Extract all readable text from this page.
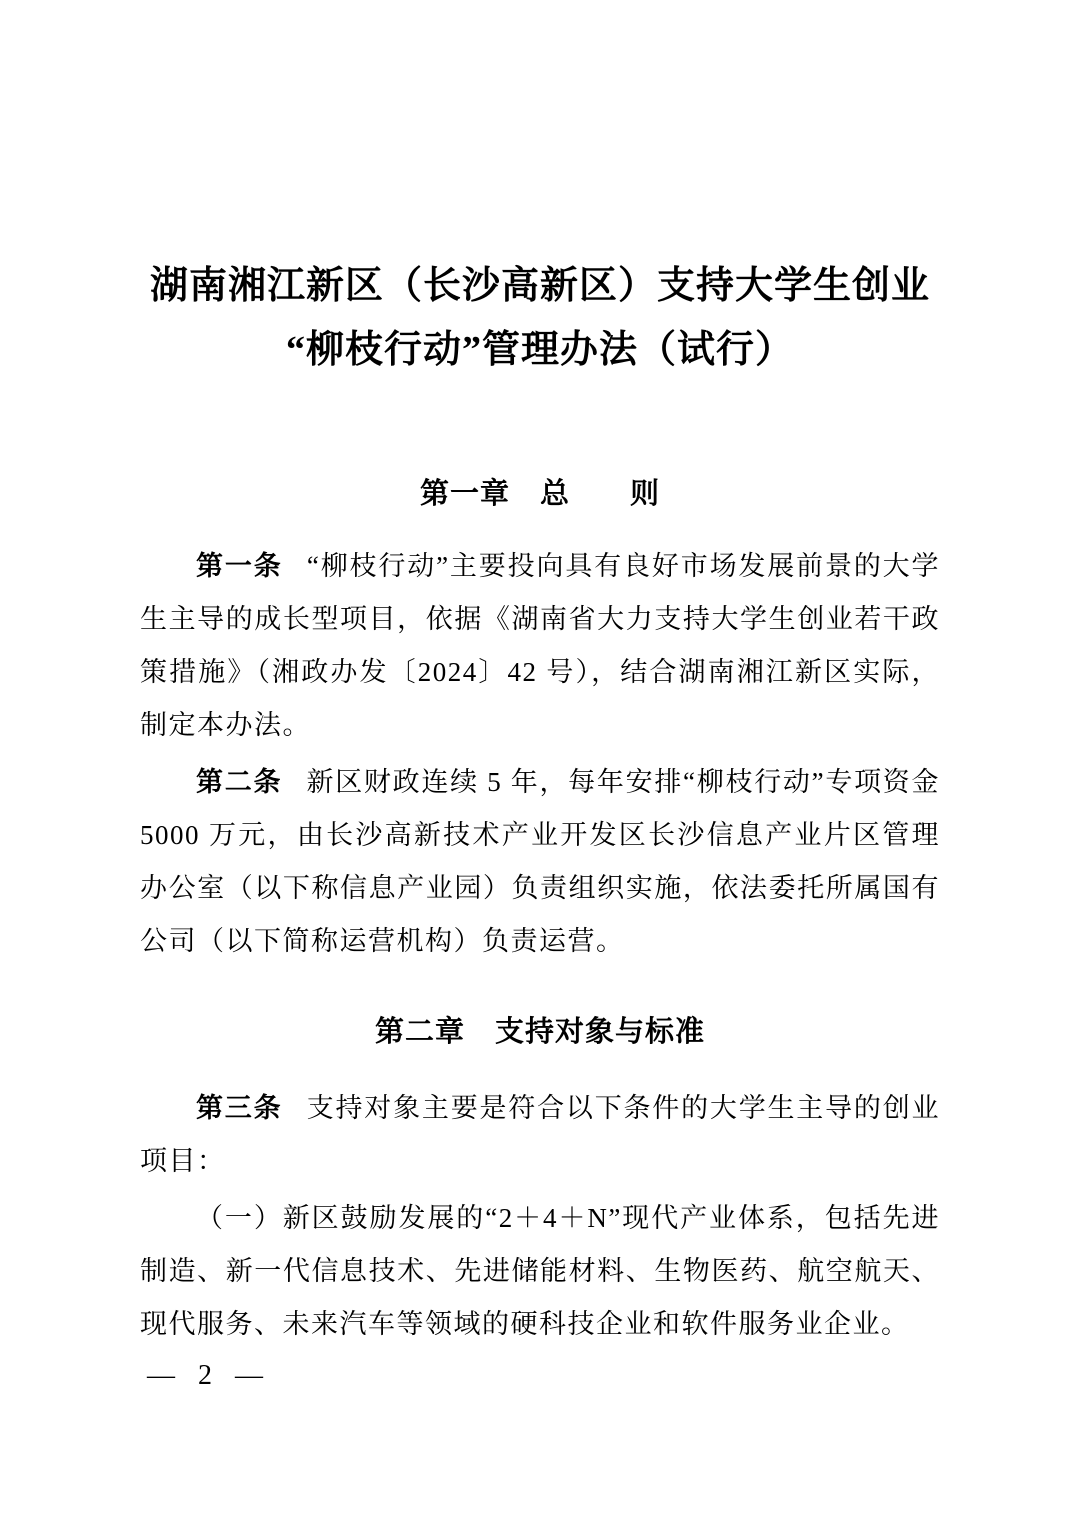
湖南湘江新区（长沙高新区）支持大学生创业
“柳枝行动”管理办法（试行）
第一章　总　　则

第一条 “柳枝行动”主要投向具有良好市场发展前景的大学生主导的成长型项目，依据《湖南省大力支持大学生创业若干政策措施》（湘政办发〔2024〕42 号），结合湖南湘江新区实际，制定本办法。

第二条 新区财政连续 5 年，每年安排“柳枝行动”专项资金 5000 万元，由长沙高新技术产业开发区长沙信息产业片区管理办公室（以下称信息产业园）负责组织实施，依法委托所属国有公司（以下简称运营机构）负责运营。

第二章　支持对象与标准

第三条 支持对象主要是符合以下条件的大学生主导的创业项目：

（一）新区鼓励发展的“2＋4＋N”现代产业体系，包括先进制造、新一代信息技术、先进储能材料、生物医药、航空航天、现代服务、未来汽车等领域的硬科技企业和软件服务业企业。

— 2 —
